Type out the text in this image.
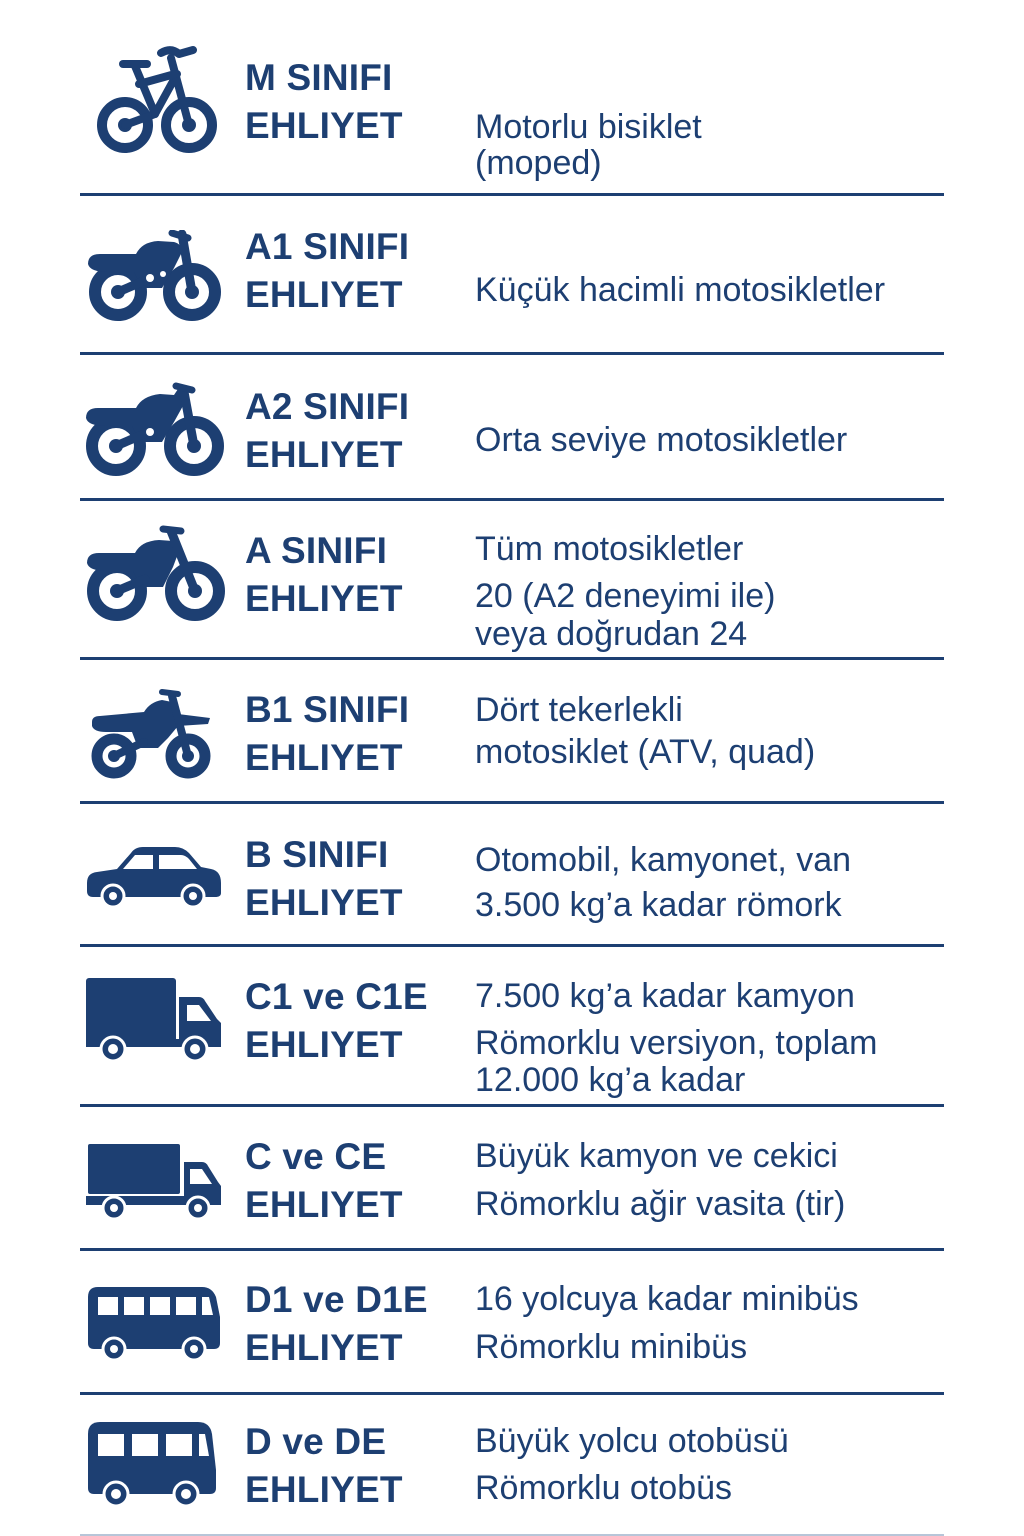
M SINIFI
EHLIYET Motorlu bisiklet
(moped)
A1 SINIFI
EHLIYET Küçük hacimli motosikletler
A2 SINIFI
EHLIYET Orta seviye motosikletler
A SINIFI
EHLIYET
Tüm motosikletler
20 (A2 deneyimi ile)
veya doğrudan 24
B1 SINIFI
EHLIYET
Dört tekerlekli
motosiklet (ATV, quad)
B SINIFI
EHLIYET
Otomobil, kamyonet, van
3.500 kg’a kadar römork
C1 ve C1E
EHLIYET
7.500 kg’a kadar kamyon
Römorklu versiyon, toplam
12.000 kg’a kadar
C ve CE
EHLIYET
Büyük kamyon ve cekici
Römorklu ağir vasita (tir)
D1 ve D1E
EHLIYET
16 yolcuya kadar minibüs
Römorklu minibüs
D ve DE
EHLIYET
Büyük yolcu otobüsü
Römorklu otobüs
